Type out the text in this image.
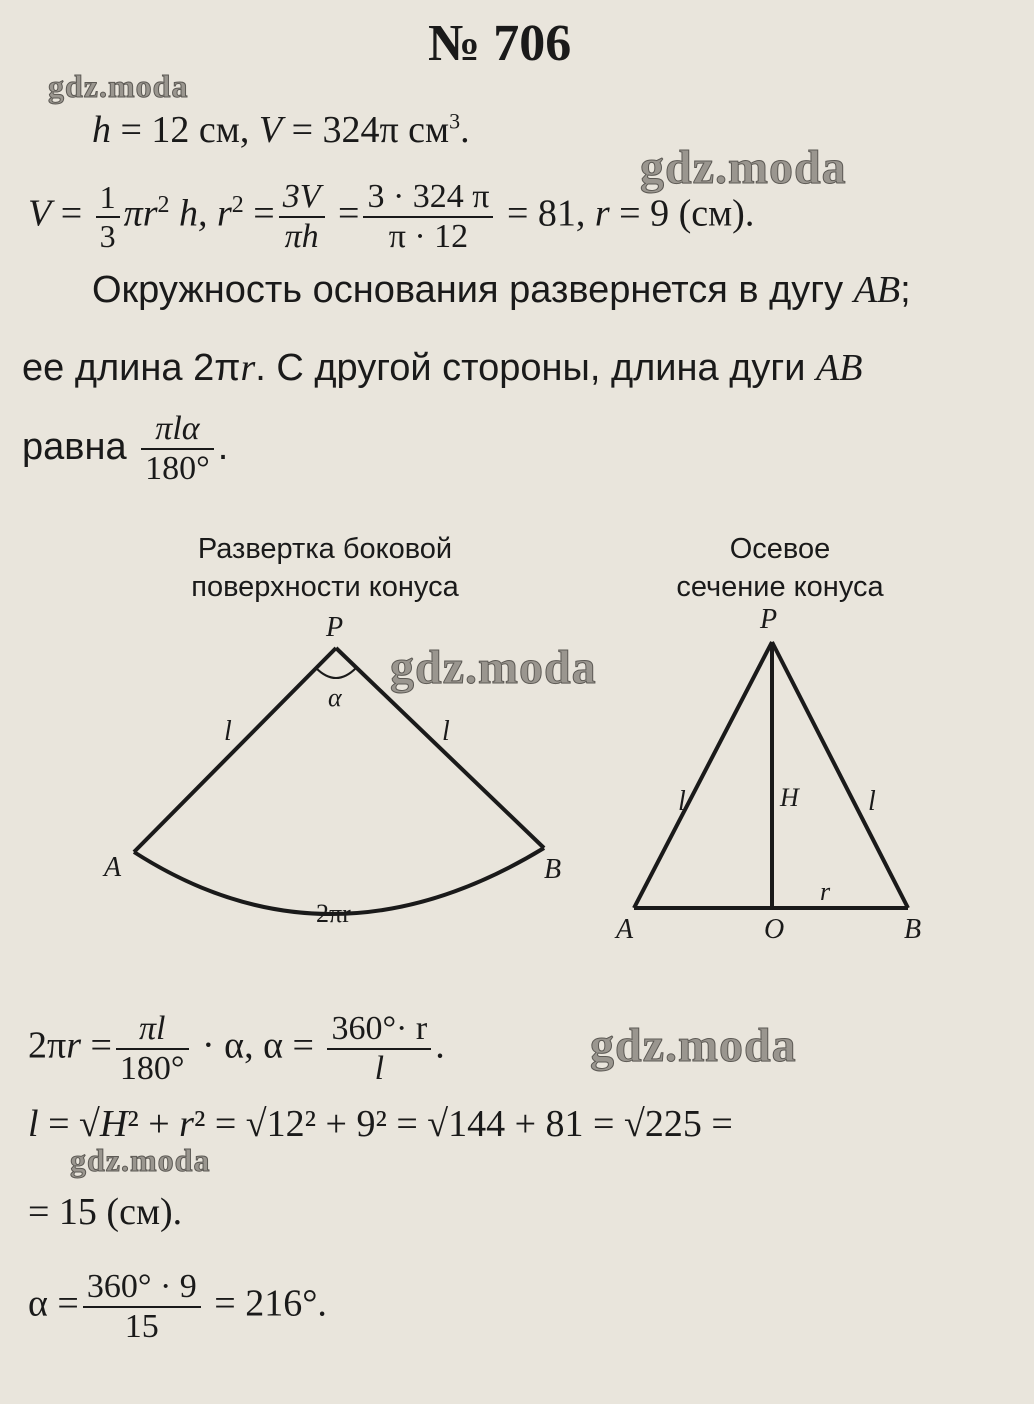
№ 706
gdz.moda
gdz.moda
gdz.moda
gdz.moda
gdz.moda
h = 12 см, V = 324π $см^3$.
$V = \frac{1}{3} \pi r^2$ h, $r^2 = \frac{3V}{\pi h} = \frac{3 \cdot 324 \pi}{\pi \cdot 12} = 81$, r = 9 (см).
Окружность основания развернется в дугу AB;
ее длина 2πr. С другой стороны, длина дуги AB
равна $\frac{\text{πlα}}{180^\circ}$ .
Развертка боковой
поверхности конуса
Осевое
сечение конуса
P
α
l	l
A	B
2πr
P
H
l	l
r
A	O	B
$2\pi r = \frac{\pi l}{180^\circ} \cdot \alpha$, $\alpha = \frac{360^\circ\cdot r}{l}$ .
l = √H² + r² = √12² + 9² = √144 + 81 = √225 =
= 15 (см).
$\alpha = \frac{360^\circ \cdot 9}{15} = 216^\circ$.
